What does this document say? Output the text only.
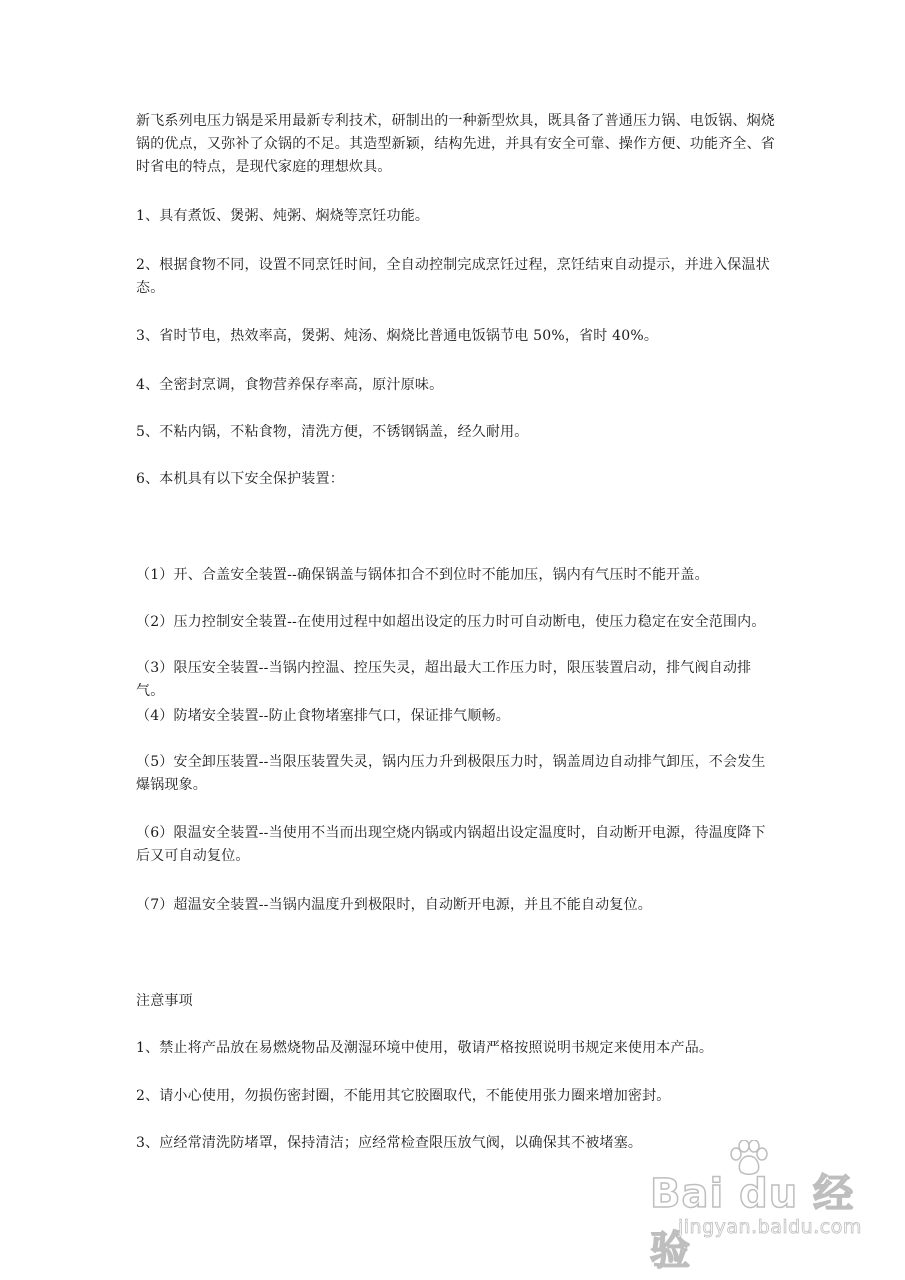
新飞系列电压力锅是采用最新专利技术，研制出的一种新型炊具，既具备了普通压力锅、电饭锅、焖烧锅的优点，又弥补了众锅的不足。其造型新颖，结构先进，并具有安全可靠、操作方便、功能齐全、省时省电的特点，是现代家庭的理想炊具。

1、具有煮饭、煲粥、炖粥、焖烧等烹饪功能。

2、根据食物不同，设置不同烹饪时间，全自动控制完成烹饪过程，烹饪结束自动提示，并进入保温状态。

3、省时节电，热效率高，煲粥、炖汤、焖烧比普通电饭锅节电 50%，省时 40%。

4、全密封烹调，食物营养保存率高，原汁原味。

5、不粘内锅，不粘食物，清洗方便，不锈钢锅盖，经久耐用。

6、本机具有以下安全保护装置：

（1）开、合盖安全装置--确保锅盖与锅体扣合不到位时不能加压，锅内有气压时不能开盖。

（2）压力控制安全装置--在使用过程中如超出设定的压力时可自动断电，使压力稳定在安全范围内。

（3）限压安全装置--当锅内控温、控压失灵，超出最大工作压力时，限压装置启动，排气阀自动排气。

（4）防堵安全装置--防止食物堵塞排气口，保证排气顺畅。

（5）安全卸压装置--当限压装置失灵，锅内压力升到极限压力时，锅盖周边自动排气卸压，不会发生爆锅现象。

（6）限温安全装置--当使用不当而出现空烧内锅或内锅超出设定温度时，自动断开电源，待温度降下后又可自动复位。

（7）超温安全装置--当锅内温度升到极限时，自动断开电源，并且不能自动复位。

注意事项

1、禁止将产品放在易燃烧物品及潮湿环境中使用，敬请严格按照说明书规定来使用本产品。

2、请小心使用，勿损伤密封圈，不能用其它胶圈取代，不能使用张力圈来增加密封。

3、应经常清洗防堵罩，保持清洁；应经常检查限压放气阀，以确保其不被堵塞。

Bai du 经验
jingyan.baidu.com
